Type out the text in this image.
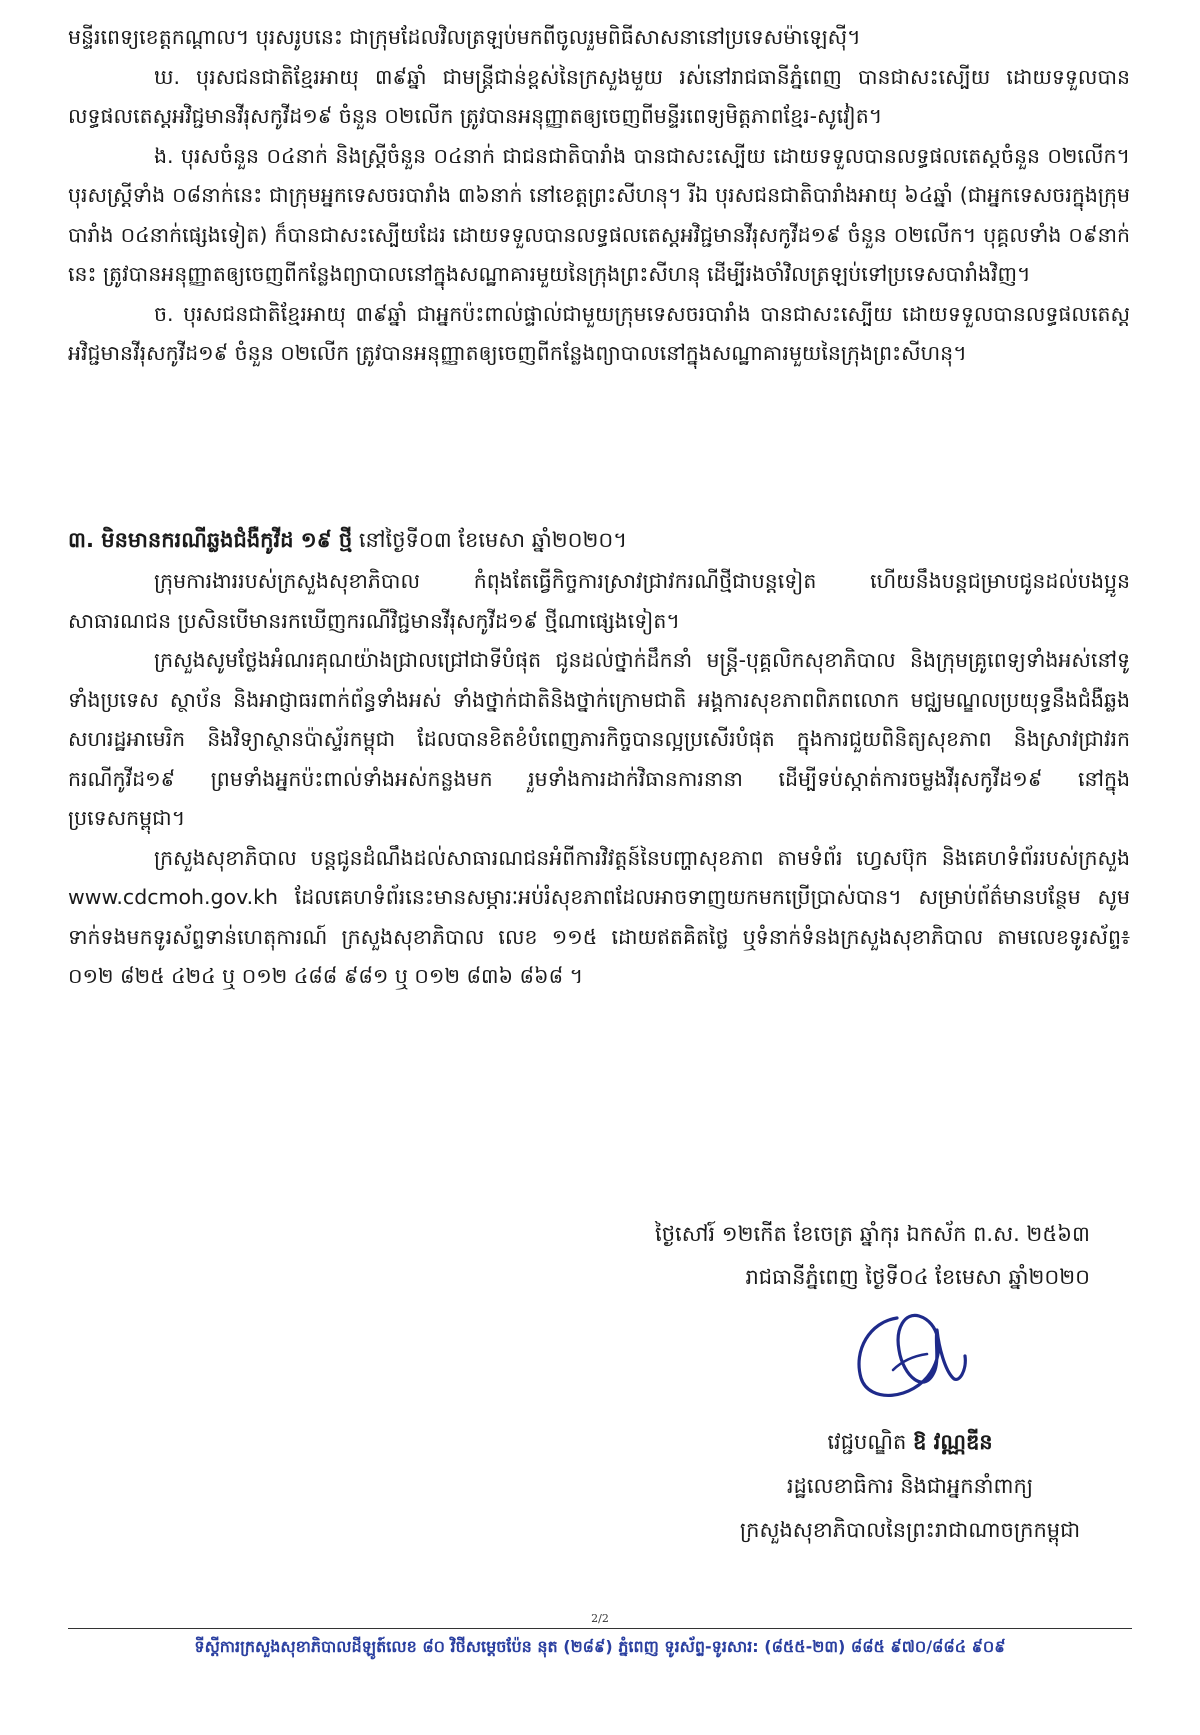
មន្ទីរពេទ្យខេត្តកណ្តាល។ បុរសរូបនេះ ជាក្រុមដែលវិលត្រឡប់មកពីចូលរួមពិធីសាសនានៅប្រទេសម៉ាឡេស៊ី។

ឃ. បុរសជនជាតិខ្មែរអាយុ ៣៩ឆ្នាំ ជាមន្ត្រីជាន់ខ្ពស់នៃក្រសួងមួយ រស់នៅរាជធានីភ្នំពេញ បានជាសះស្បើយ ដោយទទួលបានលទ្ធផលតេស្តអវិជ្ជមានវីរុសកូវីដ១៩ ចំនួន ០២លើក ត្រូវបានអនុញ្ញាតឲ្យចេញពីមន្ទីរពេទ្យមិត្តភាពខ្មែរ-សូវៀត។

ង. បុរសចំនួន ០៤នាក់ និងស្ត្រីចំនួន ០៤នាក់ ជាជនជាតិបារាំង បានជាសះស្បើយ ដោយទទួលបានលទ្ធផលតេស្តចំនួន ០២លើក។ បុរសស្ត្រីទាំង ០៨នាក់នេះ ជាក្រុមអ្នកទេសចរបារាំង ៣៦នាក់ នៅខេត្តព្រះសីហនុ។ រីឯ បុរសជនជាតិបារាំងអាយុ ៦៤ឆ្នាំ (ជាអ្នកទេសចរក្នុងក្រុមបារាំង ០៤នាក់ផ្សេងទៀត) ក៏បានជាសះស្បើយដែរ ដោយទទួលបានលទ្ធផលតេស្តអវិជ្ជមានវីរុសកូវីដ១៩ ចំនួន ០២លើក។ បុគ្គលទាំង ០៩នាក់នេះ ត្រូវបានអនុញ្ញាតឲ្យចេញពីកន្លែងព្យាបាលនៅក្នុងសណ្ឋាគារមួយនៃក្រុងព្រះសីហនុ ដើម្បីរងចាំវិលត្រឡប់ទៅប្រទេសបារាំងវិញ។

ច. បុរសជនជាតិខ្មែរអាយុ ៣៩ឆ្នាំ ជាអ្នកប៉ះពាល់ផ្ទាល់ជាមួយក្រុមទេសចរបារាំង បានជាសះស្បើយ ដោយទទួលបានលទ្ធផលតេស្តអវិជ្ជមានវីរុសកូវីដ១៩ ចំនួន ០២លើក ត្រូវបានអនុញ្ញាតឲ្យចេញពីកន្លែងព្យាបាលនៅក្នុងសណ្ឋាគារមួយនៃក្រុងព្រះសីហនុ។

៣. មិនមានករណីឆ្លងជំងឺកូវីដ ១៩ ថ្មី នៅថ្ងៃទី០៣ ខែមេសា ឆ្នាំ២០២០។

ក្រុមការងាររបស់ក្រសួងសុខាភិបាល កំពុងតែធ្វើកិច្ចការស្រាវជ្រាវករណីថ្មីជាបន្តទៀត ហើយនឹងបន្តជម្រាបជូនដល់បងប្អូនសាធារណជន ប្រសិនបើមានរកឃើញករណីវិជ្ជមានវីរុសកូវីដ១៩ ថ្មីណាផ្សេងទៀត។

ក្រសួងសូមថ្លែងអំណរគុណយ៉ាងជ្រាលជ្រៅជាទីបំផុត ជូនដល់ថ្នាក់ដឹកនាំ មន្ត្រី-បុគ្គលិកសុខាភិបាល និងក្រុមគ្រូពេទ្យទាំងអស់នៅទូទាំងប្រទេស ស្ថាប័ន និងអាជ្ញាធរពាក់ព័ន្ធទាំងអស់ ទាំងថ្នាក់ជាតិនិងថ្នាក់ក្រោមជាតិ អង្គការសុខភាពពិភពលោក មជ្ឈមណ្ឌលប្រយុទ្ធនឹងជំងឺឆ្លងសហរដ្ឋអាមេរិក និងវិទ្យាស្ថានប៉ាស្ទ័រកម្ពុជា ដែលបានខិតខំបំពេញភារកិច្ចបានល្អប្រសើរបំផុត ក្នុងការជួយពិនិត្យសុខភាព និងស្រាវជ្រាវរកករណីកូវីដ១៩ ព្រមទាំងអ្នកប៉ះពាល់ទាំងអស់កន្លងមក រួមទាំងការដាក់វិធានការនានា ដើម្បីទប់ស្កាត់ការចម្លងវីរុសកូវីដ១៩ នៅក្នុងប្រទេសកម្ពុជា។

ក្រសួងសុខាភិបាល បន្តជូនដំណឹងដល់សាធារណជនអំពីការវិវត្តន៍នៃបញ្ហាសុខភាព តាមទំព័រ ហ្វេសប៊ុក និងគេហទំព័ររបស់ក្រសួង www.cdcmoh.gov.kh ដែលគេហទំព័រនេះមានសម្ភារៈអប់រំសុខភាពដែលអាចទាញយកមកប្រើប្រាស់បាន។ សម្រាប់ព័ត៌មានបន្ថែម សូមទាក់ទងមកទូរស័ព្ទទាន់ហេតុការណ៍ ក្រសួងសុខាភិបាល លេខ ១១៥ ដោយឥតគិតថ្លៃ ឬទំនាក់ទំនងក្រសួងសុខាភិបាល តាមលេខទូរស័ព្ទ៖ ០១២ ៨២៥ ៤២៤ ឬ ០១២ ៤៨៨ ៩៨១ ឬ ០១២ ៨៣៦ ៨៦៨ ។

ថ្ងៃសៅរ៍ ១២កើត ខែចេត្រ ឆ្នាំកុរ ឯកស័ក ព.ស. ២៥៦៣
រាជធានីភ្នំពេញ ថ្ងៃទី០៤ ខែមេសា ឆ្នាំ២០២០
វេជ្ជបណ្ឌិត ឱ វណ្ណឌីន
រដ្ឋលេខាធិការ និងជាអ្នកនាំពាក្យ
ក្រសួងសុខាភិបាលនៃព្រះរាជាណាចក្រកម្ពុជា
2/2
ទីស្តីការក្រសួងសុខាភិបាលដីឡូត៍លេខ ៨០ វិថីសម្តេចប៉ែន នុត (២៨៩) ភ្នំពេញ ទូរស័ព្ទ-ទូរសារ: (៨៥៥-២៣) ៨៨៥ ៩៧០/៨៨៤ ៩០៩
